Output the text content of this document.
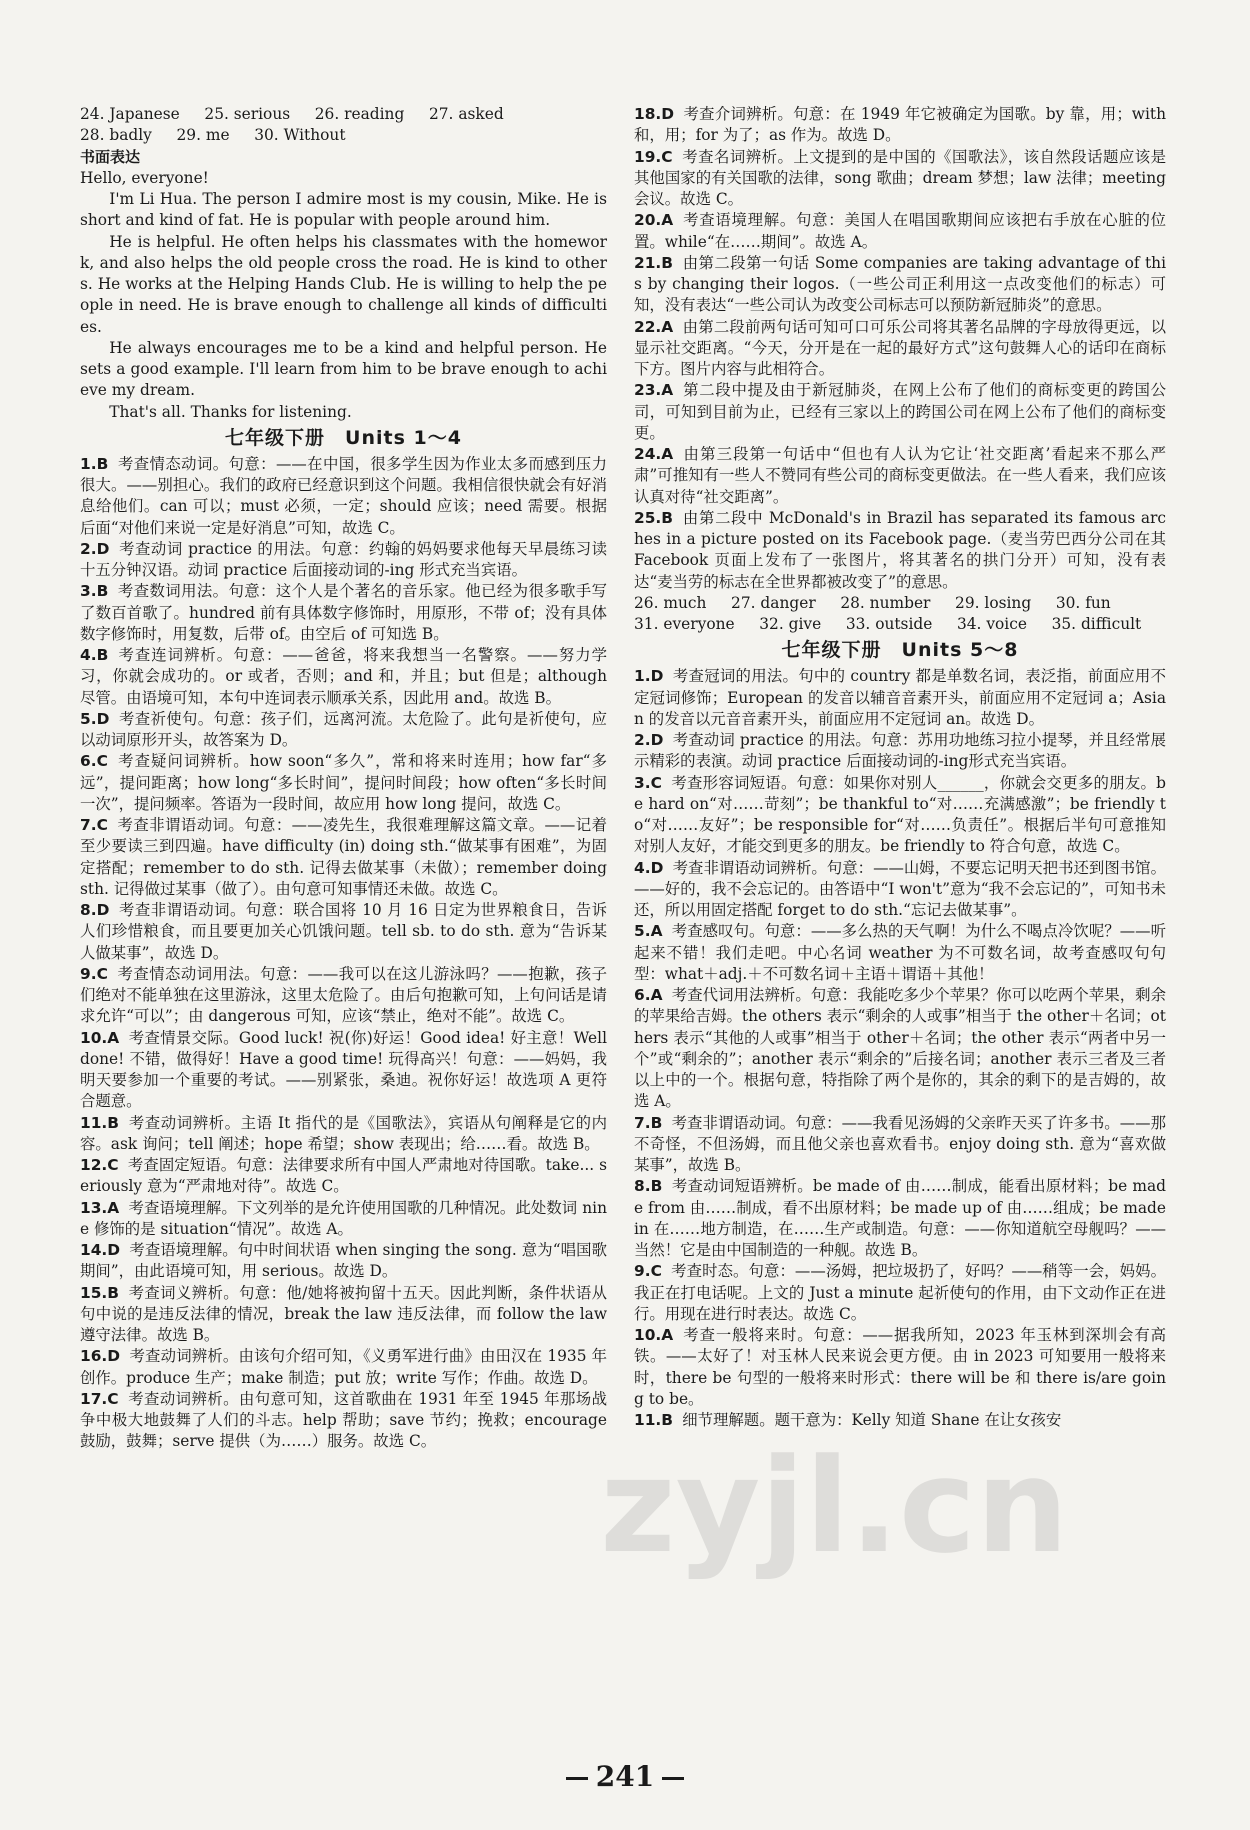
24. Japanese 25. serious 26. reading 27. asked

28. badly 29. me 30. Without

书面表达

Hello, everyone!

I'm Li Hua. The person I admire most is my cousin, Mike. He is short and kind of fat. He is popular with people around him.

He is helpful. He often helps his classmates with the homework, and also helps the old people cross the road. He is kind to others. He works at the Helping Hands Club. He is willing to help the people in need. He is brave enough to challenge all kinds of difficulties.

He always encourages me to be a kind and helpful person. He sets a good example. I'll learn from him to be brave enough to achieve my dream.

That's all. Thanks for listening.

七年级下册　Units 1～4

1.B 考查情态动词。句意：——在中国，很多学生因为作业太多而感到压力很大。——别担心。我们的政府已经意识到这个问题。我相信很快就会有好消息给他们。can 可以；must 必须，一定；should 应该；need 需要。根据后面“对他们来说一定是好消息”可知，故选 C。

2.D 考查动词 practice 的用法。句意：约翰的妈妈要求他每天早晨练习读十五分钟汉语。动词 practice 后面接动词的-ing 形式充当宾语。

3.B 考查数词用法。句意：这个人是个著名的音乐家。他已经为很多歌手写了数百首歌了。hundred 前有具体数字修饰时，用原形，不带 of；没有具体数字修饰时，用复数，后带 of。由空后 of 可知选 B。

4.B 考查连词辨析。句意：——爸爸，将来我想当一名警察。——努力学习，你就会成功的。or 或者，否则；and 和，并且；but 但是；although 尽管。由语境可知，本句中连词表示顺承关系，因此用 and。故选 B。

5.D 考查祈使句。句意：孩子们，远离河流。太危险了。此句是祈使句，应以动词原形开头，故答案为 D。

6.C 考查疑问词辨析。how soon“多久”，常和将来时连用；how far“多远”，提问距离；how long“多长时间”，提问时间段；how often“多长时间一次”，提问频率。答语为一段时间，故应用 how long 提问，故选 C。

7.C 考查非谓语动词。句意：——凌先生，我很难理解这篇文章。——记着至少要读三到四遍。have difficulty (in) doing sth.“做某事有困难”，为固定搭配；remember to do sth. 记得去做某事（未做）；remember doing sth. 记得做过某事（做了）。由句意可知事情还未做。故选 C。

8.D 考查非谓语动词。句意：联合国将 10 月 16 日定为世界粮食日，告诉人们珍惜粮食，而且要更加关心饥饿问题。tell sb. to do sth. 意为“告诉某人做某事”，故选 D。

9.C 考查情态动词用法。句意：——我可以在这儿游泳吗？——抱歉，孩子们绝对不能单独在这里游泳，这里太危险了。由后句抱歉可知，上句问话是请求允许“可以”；由 dangerous 可知，应该“禁止，绝对不能”。故选 C。

10.A 考查情景交际。Good luck! 祝(你)好运！Good idea! 好主意！Well done! 不错，做得好！Have a good time! 玩得高兴！句意：——妈妈，我明天要参加一个重要的考试。——别紧张，桑迪。祝你好运！故选项 A 更符合题意。

11.B 考查动词辨析。主语 It 指代的是《国歌法》，宾语从句阐释是它的内容。ask 询问；tell 阐述；hope 希望；show 表现出；给……看。故选 B。

12.C 考查固定短语。句意：法律要求所有中国人严肃地对待国歌。take... seriously 意为“严肃地对待”。故选 C。

13.A 考查语境理解。下文列举的是允许使用国歌的几种情况。此处数词 nine 修饰的是 situation“情况”。故选 A。

14.D 考查语境理解。句中时间状语 when singing the song. 意为“唱国歌期间”，由此语境可知，用 serious。故选 D。

15.B 考查词义辨析。句意：他/她将被拘留十五天。因此判断，条件状语从句中说的是违反法律的情况，break the law 违反法律，而 follow the law 遵守法律。故选 B。

16.D 考查动词辨析。由该句介绍可知，《义勇军进行曲》由田汉在 1935 年创作。produce 生产；make 制造；put 放；write 写作；作曲。故选 D。

17.C 考查动词辨析。由句意可知，这首歌曲在 1931 年至 1945 年那场战争中极大地鼓舞了人们的斗志。help 帮助；save 节约；挽救；encourage 鼓励，鼓舞；serve 提供（为……）服务。故选 C。

18.D 考查介词辨析。句意：在 1949 年它被确定为国歌。by 靠，用；with 和，用；for 为了；as 作为。故选 D。

19.C 考查名词辨析。上文提到的是中国的《国歌法》，该自然段话题应该是其他国家的有关国歌的法律，song 歌曲；dream 梦想；law 法律；meeting 会议。故选 C。

20.A 考查语境理解。句意：美国人在唱国歌期间应该把右手放在心脏的位置。while“在……期间”。故选 A。

21.B 由第二段第一句话 Some companies are taking advantage of this by changing their logos.（一些公司正利用这一点改变他们的标志）可知，没有表达“一些公司认为改变公司标志可以预防新冠肺炎”的意思。

22.A 由第二段前两句话可知可口可乐公司将其著名品牌的字母放得更远，以显示社交距离。“今天，分开是在一起的最好方式”这句鼓舞人心的话印在商标下方。图片内容与此相符合。

23.A 第二段中提及由于新冠肺炎，在网上公布了他们的商标变更的跨国公司，可知到目前为止，已经有三家以上的跨国公司在网上公布了他们的商标变更。

24.A 由第三段第一句话中“但也有人认为它让‘社交距离’看起来不那么严肃”可推知有一些人不赞同有些公司的商标变更做法。在一些人看来，我们应该认真对待“社交距离”。

25.B 由第二段中 McDonald's in Brazil has separated its famous arches in a picture posted on its Facebook page.（麦当劳巴西分公司在其 Facebook 页面上发布了一张图片，将其著名的拱门分开）可知，没有表达“麦当劳的标志在全世界都被改变了”的意思。

26. much 27. danger 28. number 29. losing 30. fun

31. everyone 32. give 33. outside 34. voice 35. difficult

七年级下册　Units 5～8

1.D 考查冠词的用法。句中的 country 都是单数名词，表泛指，前面应用不定冠词修饰；European 的发音以辅音音素开头，前面应用不定冠词 a；Asian 的发音以元音音素开头，前面应用不定冠词 an。故选 D。

2.D 考查动词 practice 的用法。句意：苏用功地练习拉小提琴，并且经常展示精彩的表演。动词 practice 后面接动词的-ing形式充当宾语。

3.C 考查形容词短语。句意：如果你对别人______，你就会交更多的朋友。be hard on“对……苛刻”；be thankful to“对……充满感激”；be friendly to“对……友好”；be responsible for“对……负责任”。根据后半句可意推知对别人友好，才能交到更多的朋友。be friendly to 符合句意，故选 C。

4.D 考查非谓语动词辨析。句意：——山姆，不要忘记明天把书还到图书馆。——好的，我不会忘记的。由答语中“I won't”意为“我不会忘记的”，可知书未还，所以用固定搭配 forget to do sth.“忘记去做某事”。

5.A 考查感叹句。句意：——多么热的天气啊！为什么不喝点冷饮呢？——听起来不错！我们走吧。中心名词 weather 为不可数名词，故考查感叹句句型：what＋adj.＋不可数名词＋主语＋谓语＋其他！

6.A 考查代词用法辨析。句意：我能吃多少个苹果？你可以吃两个苹果，剩余的苹果给吉姆。the others 表示“剩余的人或事”相当于 the other＋名词；others 表示“其他的人或事”相当于 other＋名词；the other 表示“两者中另一个”或“剩余的”；another 表示“剩余的”后接名词；another 表示三者及三者以上中的一个。根据句意，特指除了两个是你的，其余的剩下的是吉姆的，故选 A。

7.B 考查非谓语动词。句意：——我看见汤姆的父亲昨天买了许多书。——那不奇怪，不但汤姆，而且他父亲也喜欢看书。enjoy doing sth. 意为“喜欢做某事”，故选 B。

8.B 考查动词短语辨析。be made of 由……制成，能看出原材料；be made from 由……制成，看不出原材料；be made up of 由……组成；be made in 在……地方制造，在……生产或制造。句意：——你知道航空母舰吗？——当然！它是由中国制造的一种舰。故选 B。

9.C 考查时态。句意：——汤姆，把垃圾扔了，好吗？——稍等一会，妈妈。我正在打电话呢。上文的 Just a minute 起祈使句的作用，由下文动作正在进行。用现在进行时表达。故选 C。

10.A 考查一般将来时。句意：——据我所知，2023 年玉林到深圳会有高铁。——太好了！对玉林人民来说会更方便。由 in 2023 可知要用一般将来时，there be 句型的一般将来时形式：there will be 和 there is/are going to be。

11.B 细节理解题。题干意为：Kelly 知道 Shane 在让女孩安

zyjl.cn
241
